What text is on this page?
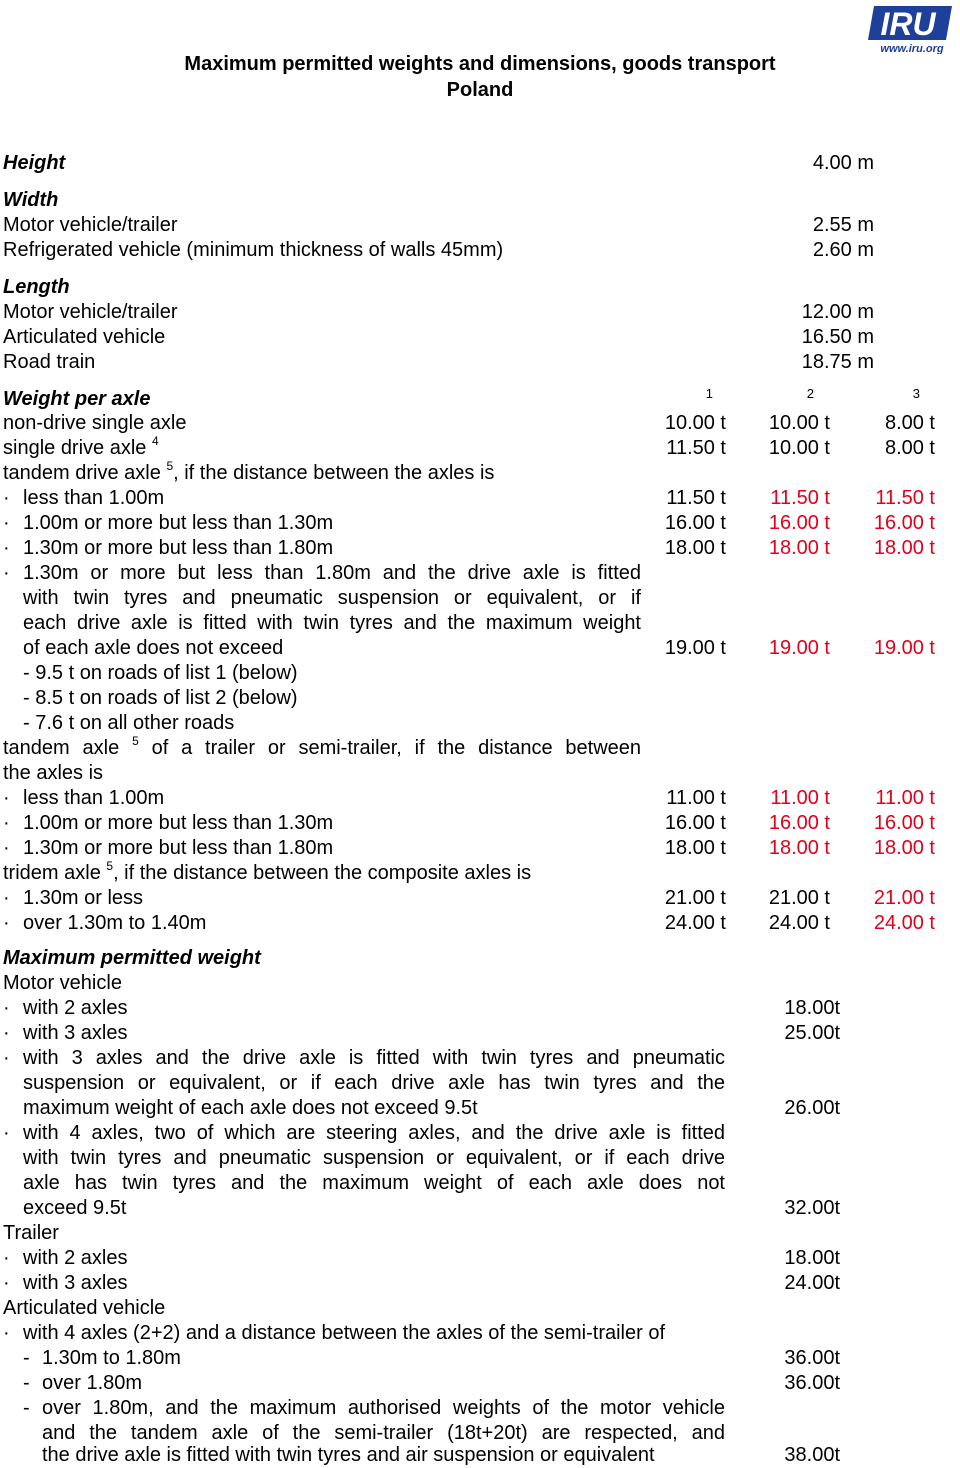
IRU
www.iru.org
Maximum permitted weights and dimensions, goods transport
Poland
Height	4.00 m
Width
Motor vehicle/trailer	2.55 m
Refrigerated vehicle (minimum thickness of walls 45mm)	2.60 m
Length
Motor vehicle/trailer	12.00 m
Articulated vehicle	16.50 m
Road train	18.75 m
Weight per axle	1	2	3
non-drive single axle	10.00 t 10.00 t	8.00 t
single drive axle $^4$	11.50 t 10.00 t	8.00 t
tandem drive axle $^5$, if the distance between the axles is
· less than 1.00m	11.50 t 11.50 t 11.50 t
· 1.00m or more but less than 1.30m	16.00 t 16.00 t 16.00 t
· 1.30m or more but less than 1.80m	18.00 t 18.00 t 18.00 t
· 1.30m or more but less than 1.80m and the drive axle is fitted
with twin tyres and pneumatic suspension or equivalent, or if
each drive axle is fitted with twin tyres and the maximum weight
of each axle does not exceed	19.00 t 19.00 t 19.00 t
- 9.5 t on roads of list 1 (below)
- 8.5 t on roads of list 2 (below)
- 7.6 t on all other roads
tandem axle $^5$ of a trailer or semi-trailer, if the distance between
the axles is
· less than 1.00m	11.00 t 11.00 t 11.00 t
· 1.00m or more but less than 1.30m	16.00 t 16.00 t 16.00 t
· 1.30m or more but less than 1.80m	18.00 t 18.00 t 18.00 t
tridem axle $^5$, if the distance between the composite axles is
· 1.30m or less	21.00 t 21.00 t 21.00 t
· over 1.30m to 1.40m	24.00 t 24.00 t 24.00 t
Maximum permitted weight
Motor vehicle
· with 2 axles	18.00t
· with 3 axles	25.00t
· with 3 axles and the drive axle is fitted with twin tyres and pneumatic
suspension or equivalent, or if each drive axle has twin tyres and the
maximum weight of each axle does not exceed 9.5t	26.00t
· with 4 axles, two of which are steering axles, and the drive axle is fitted
with twin tyres and pneumatic suspension or equivalent, or if each drive
axle has twin tyres and the maximum weight of each axle does not
exceed 9.5t	32.00t
Trailer
· with 2 axles	18.00t
· with 3 axles	24.00t
Articulated vehicle
· with 4 axles (2+2) and a distance between the axles of the semi-trailer of
- 1.30m to 1.80m	36.00t
- over 1.80m	36.00t
- over 1.80m, and the maximum authorised weights of the motor vehicle
and the tandem axle of the semi-trailer (18t+20t) are respected, and
the drive axle is fitted with twin tyres and air suspension or equivalent	38.00t
